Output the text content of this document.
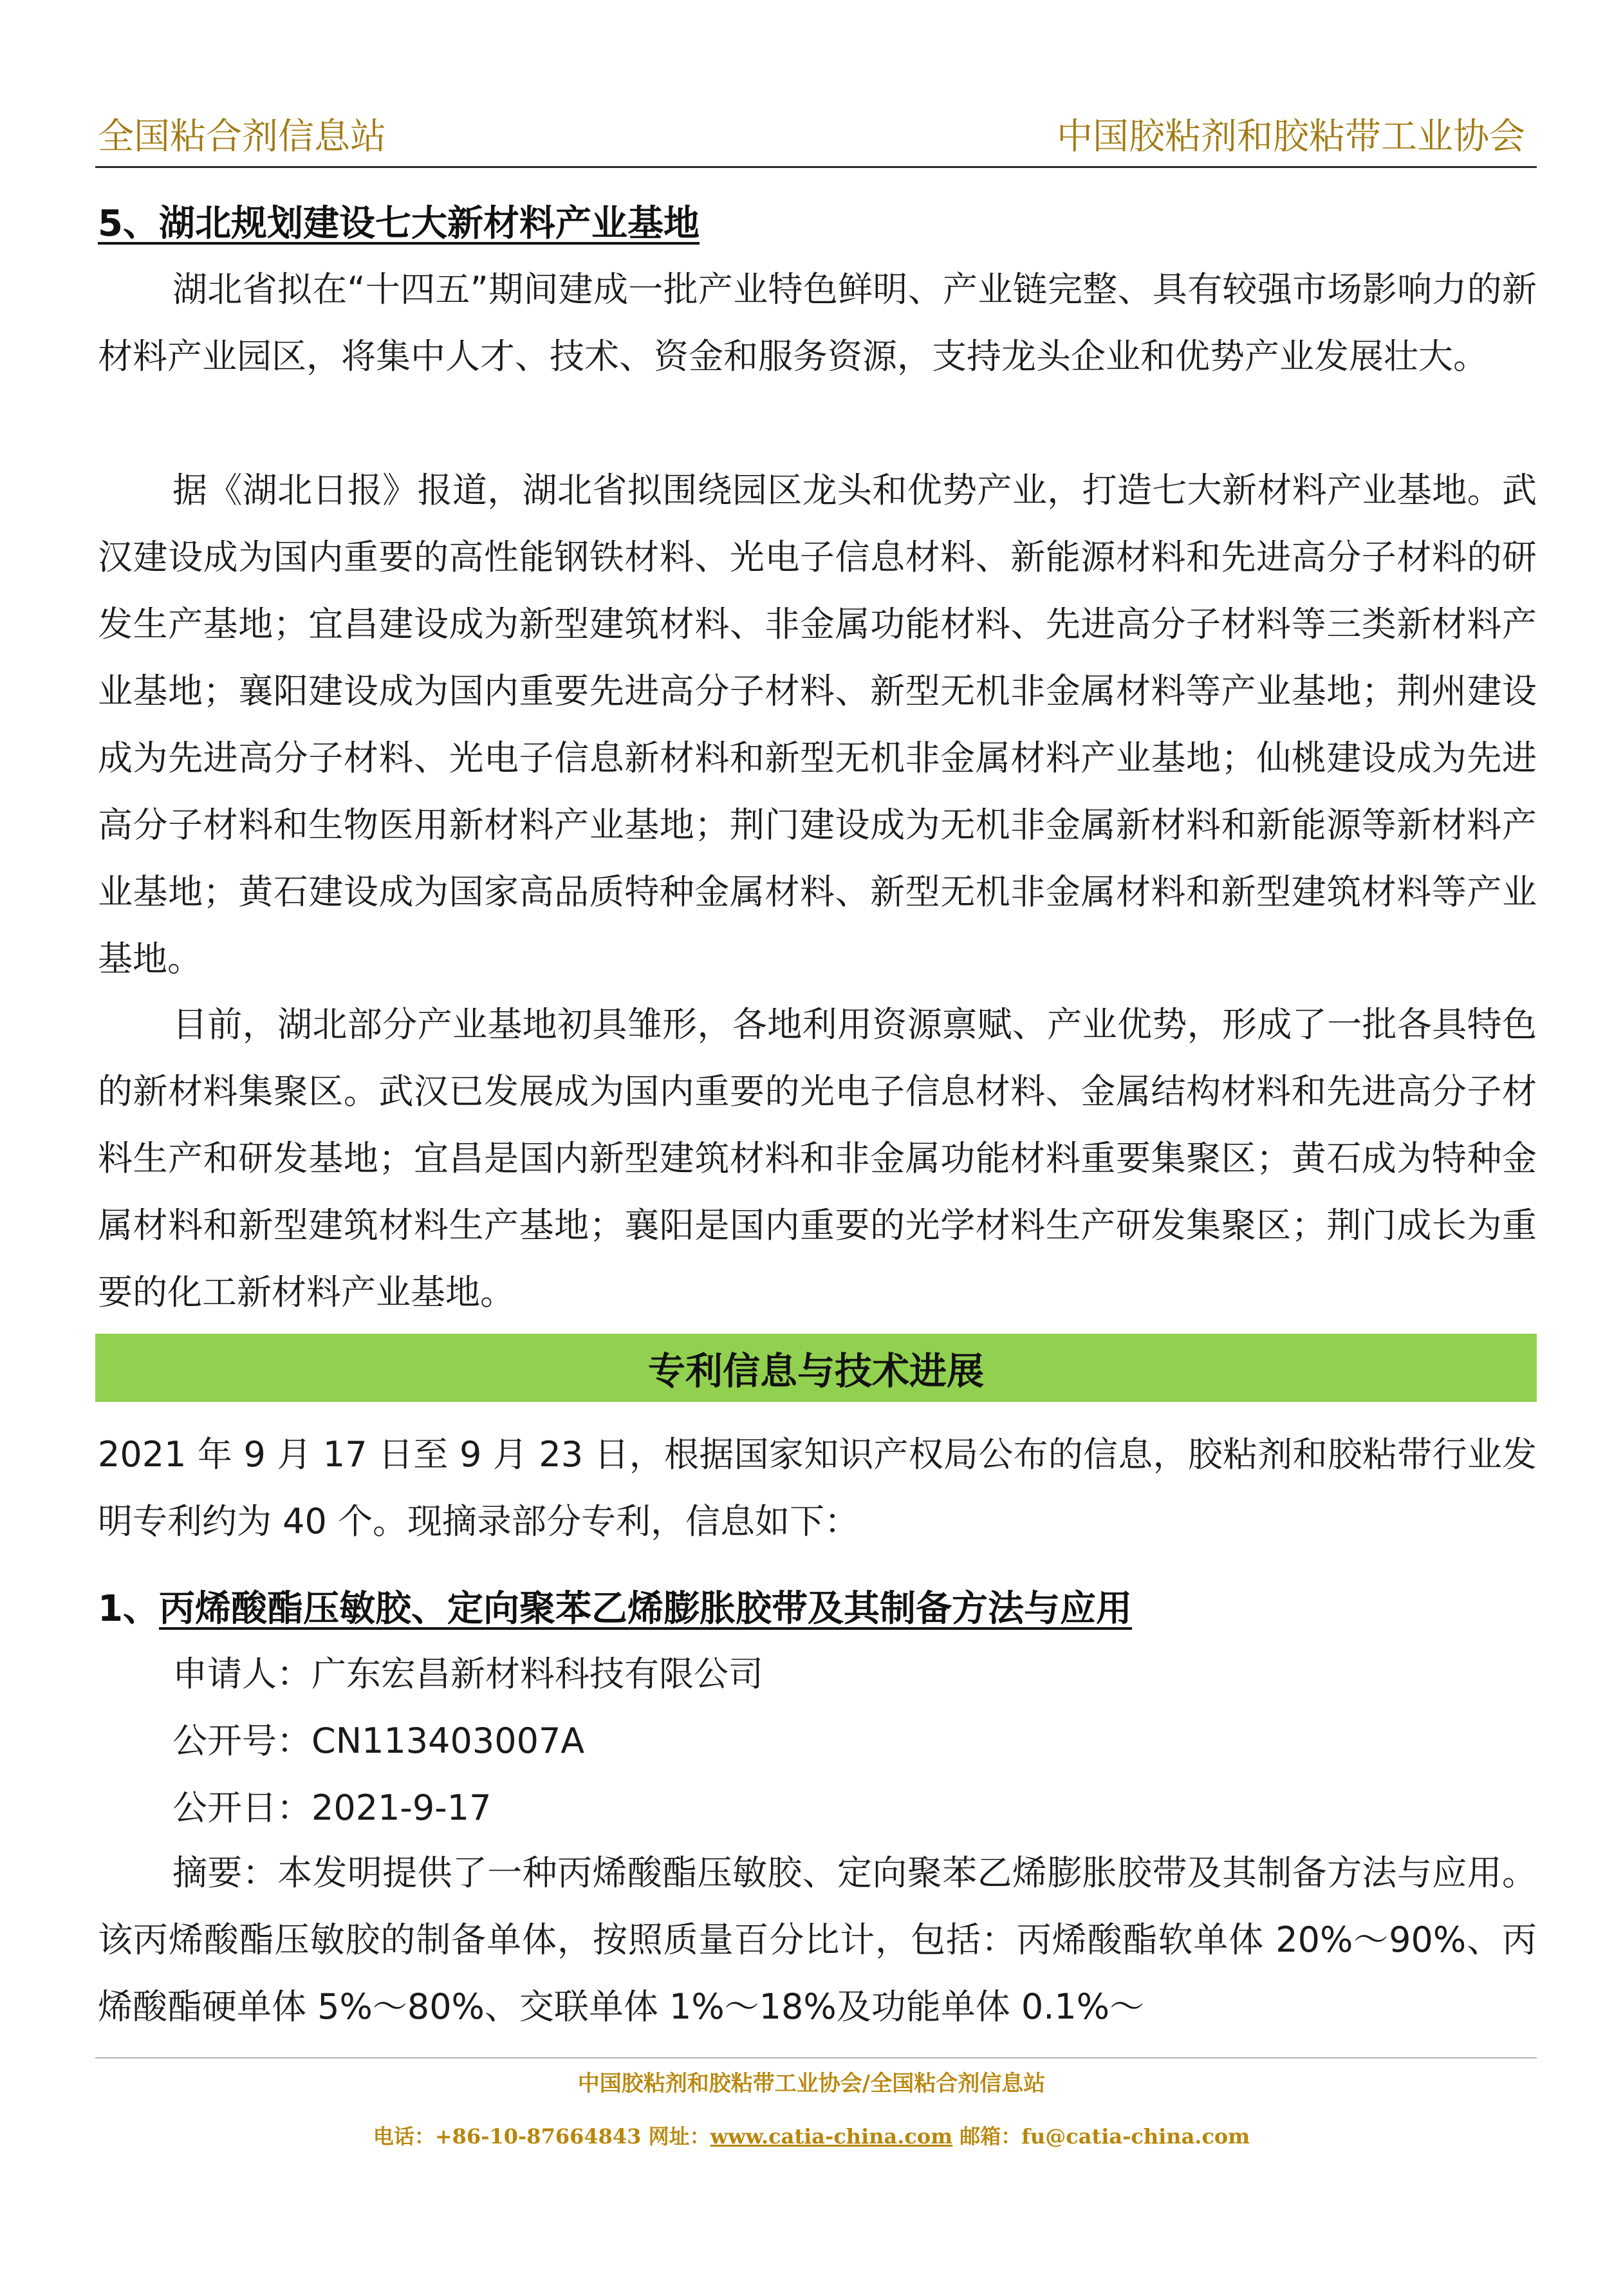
全国粘合剂信息站	中国胶粘剂和胶粘带工业协会
5、湖北规划建设七大新材料产业基地
湖北省拟在“十四五”期间建成一批产业特色鲜明、产业链完整、具有较强市场影响力的新材料产业园区，将集中人才、技术、资金和服务资源，支持龙头企业和优势产业发展壮大。
据《湖北日报》报道，湖北省拟围绕园区龙头和优势产业，打造七大新材料产业基地。武汉建设成为国内重要的高性能钢铁材料、光电子信息材料、新能源材料和先进高分子材料的研发生产基地；宜昌建设成为新型建筑材料、非金属功能材料、先进高分子材料等三类新材料产业基地；襄阳建设成为国内重要先进高分子材料、新型无机非金属材料等产业基地；荆州建设成为先进高分子材料、光电子信息新材料和新型无机非金属材料产业基地；仙桃建设成为先进高分子材料和生物医用新材料产业基地；荆门建设成为无机非金属新材料和新能源等新材料产业基地；黄石建设成为国家高品质特种金属材料、新型无机非金属材料和新型建筑材料等产业基地。
目前，湖北部分产业基地初具雏形，各地利用资源禀赋、产业优势，形成了一批各具特色的新材料集聚区。武汉已发展成为国内重要的光电子信息材料、金属结构材料和先进高分子材料生产和研发基地；宜昌是国内新型建筑材料和非金属功能材料重要集聚区；黄石成为特种金属材料和新型建筑材料生产基地；襄阳是国内重要的光学材料生产研发集聚区；荆门成长为重要的化工新材料产业基地。
专利信息与技术进展
2021 年 9 月 17 日至 9 月 23 日，根据国家知识产权局公布的信息，胶粘剂和胶粘带行业发明专利约为 40 个。现摘录部分专利，信息如下：
1、丙烯酸酯压敏胶、定向聚苯乙烯膨胀胶带及其制备方法与应用
申请人：广东宏昌新材料科技有限公司
公开号：CN113403007A
公开日：2021-9-17
摘要：本发明提供了一种丙烯酸酯压敏胶、定向聚苯乙烯膨胀胶带及其制备方法与应用。该丙烯酸酯压敏胶的制备单体，按照质量百分比计，包括：丙烯酸酯软单体 20%～90%、丙烯酸酯硬单体 5%～80%、交联单体 1%～18%及功能单体 0.1%～
中国胶粘剂和胶粘带工业协会/全国粘合剂信息站
电话：+86-10-87664843 网址：www.catia-china.com 邮箱：fu@catia-china.com
